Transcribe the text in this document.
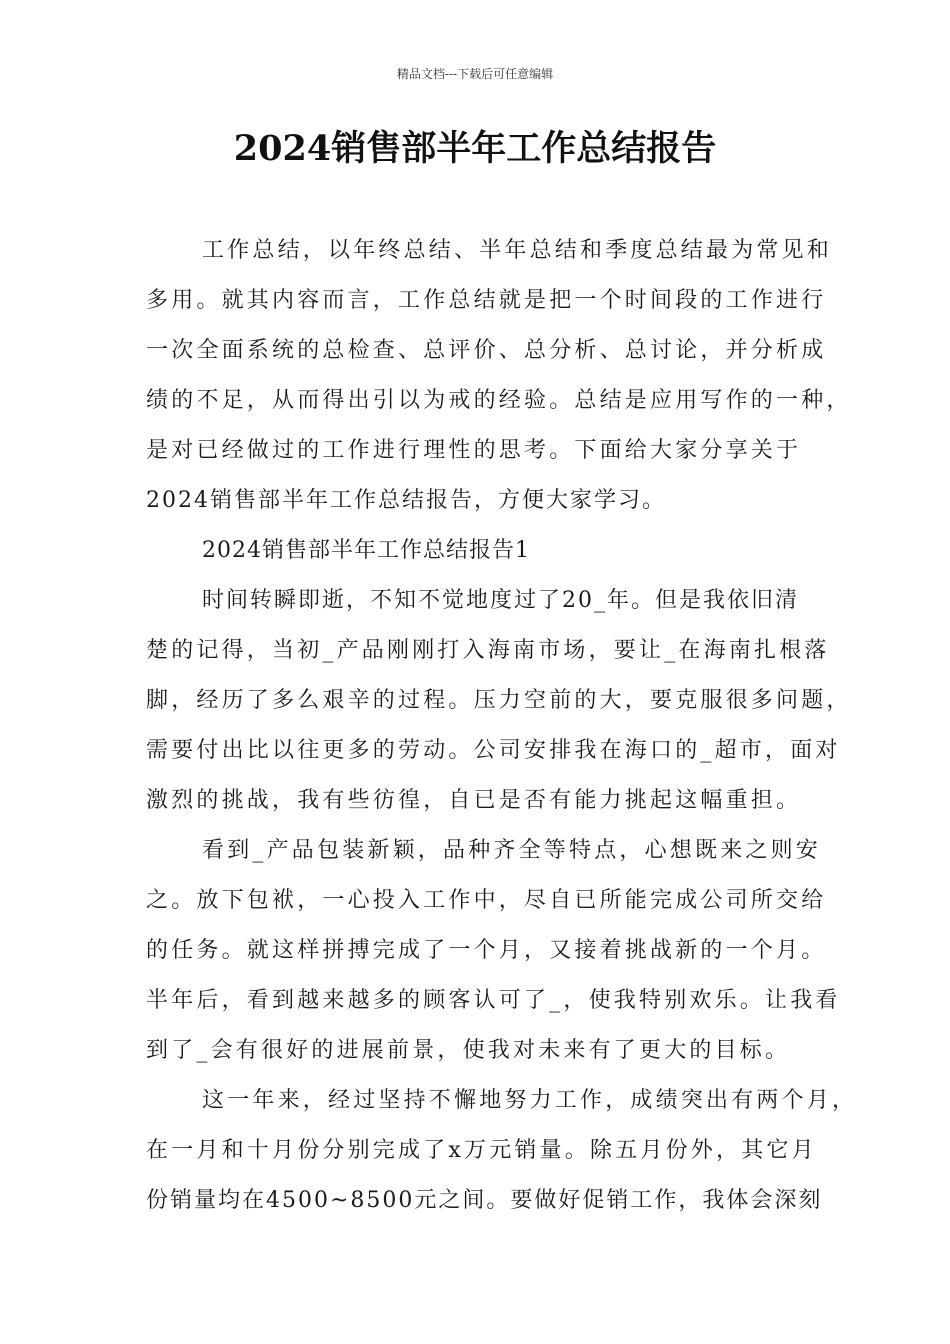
精品文档---下载后可任意编辑
2024销售部半年工作总结报告
工作总结，以年终总结、半年总结和季度总结最为常见和
多用。就其内容而言，工作总结就是把一个时间段的工作进行
一次全面系统的总检查、总评价、总分析、总讨论，并分析成
绩的不足，从而得出引以为戒的经验。总结是应用写作的一种，
是对已经做过的工作进行理性的思考。下面给大家分享关于
2024销售部半年工作总结报告，方便大家学习。
2024销售部半年工作总结报告1
时间转瞬即逝，不知不觉地度过了20_年。但是我依旧清
楚的记得，当初_产品刚刚打入海南市场，要让_在海南扎根落
脚，经历了多么艰辛的过程。压力空前的大，要克服很多问题，
需要付出比以往更多的劳动。公司安排我在海口的_超市，面对
激烈的挑战，我有些彷徨，自已是否有能力挑起这幅重担。
看到_产品包装新颖，品种齐全等特点，心想既来之则安
之。放下包袱，一心投入工作中，尽自已所能完成公司所交给
的任务。就这样拼搏完成了一个月，又接着挑战新的一个月。
半年后，看到越来越多的顾客认可了_，使我特别欢乐。让我看
到了_会有很好的进展前景，使我对未来有了更大的目标。
这一年来，经过坚持不懈地努力工作，成绩突出有两个月，
在一月和十月份分别完成了x万元销量。除五月份外，其它月
份销量均在4500~8500元之间。要做好促销工作，我体会深刻
